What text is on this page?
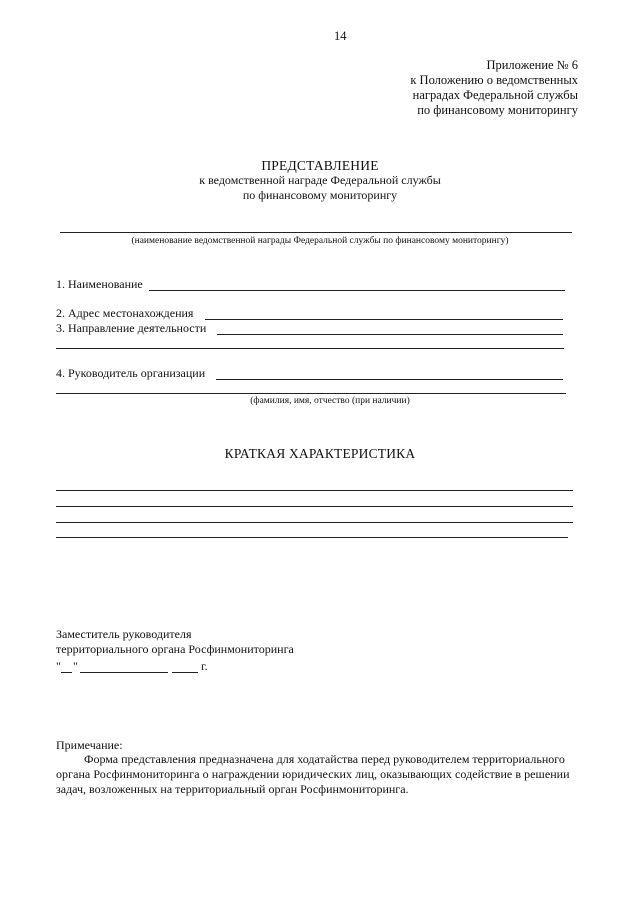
14
Приложение № 6
к Положению о ведомственных
наградах Федеральной службы
по финансовому мониторингу
ПРЕДСТАВЛЕНИЕ
к ведомственной награде Федеральной службы
по финансовому мониторингу
(наименование ведомственной награды Федеральной службы по финансовому мониторингу)
1. Наименование
2. Адрес местонахождения
3. Направление деятельности
4. Руководитель организации
(фамилия, имя, отчество (при наличии)
КРАТКАЯ ХАРАКТЕРИСТИКА
Заместитель руководителя
территориального органа Росфинмониторинга
" "	г.
Примечание:
Форма представления предназначена для ходатайства перед руководителем территориального
органа Росфинмониторинга о награждении юридических лиц, оказывающих содействие в решении
задач, возложенных на территориальный орган Росфинмониторинга.
